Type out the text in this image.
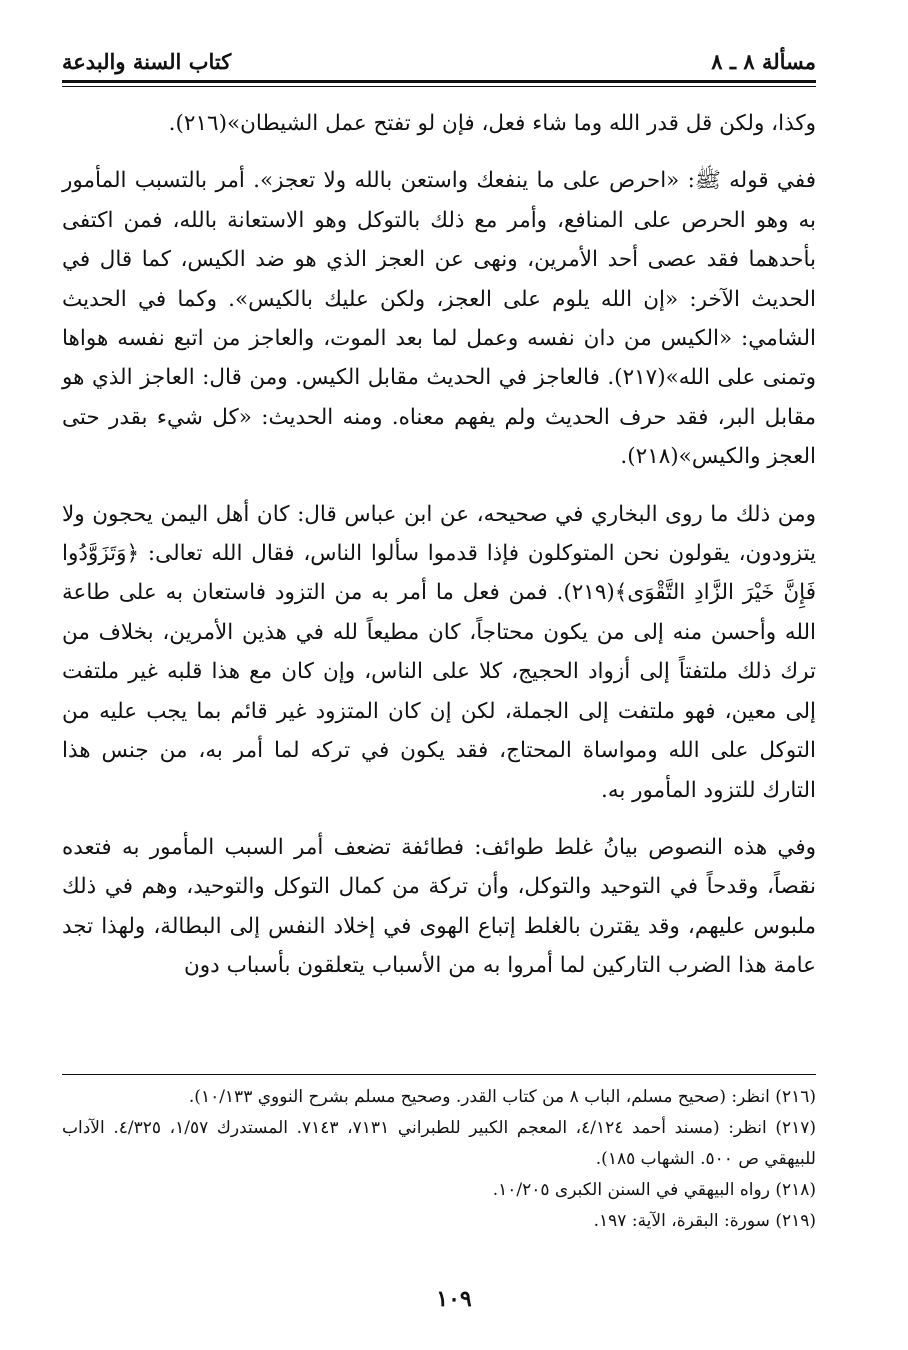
مسألة ٨ ـ ٨
كتاب السنة والبدعة

وكذا، ولكن قل قدر الله وما شاء فعل، فإن لو تفتح عمل الشيطان»(٢١٦).

ففي قوله ﷺ: «احرص على ما ينفعك واستعن بالله ولا تعجز». أمر بالتسبب المأمور به وهو الحرص على المنافع، وأمر مع ذلك بالتوكل وهو الاستعانة بالله، فمن اكتفى بأحدهما فقد عصى أحد الأمرين، ونهى عن العجز الذي هو ضد الكيس، كما قال في الحديث الآخر: «إن الله يلوم على العجز، ولكن عليك بالكيس». وكما في الحديث الشامي: «الكيس من دان نفسه وعمل لما بعد الموت، والعاجز من اتبع نفسه هواها وتمنى على الله»(٢١٧). فالعاجز في الحديث مقابل الكيس. ومن قال: العاجز الذي هو مقابل البر، فقد حرف الحديث ولم يفهم معناه. ومنه الحديث: «كل شيء بقدر حتى العجز والكيس»(٢١٨).

ومن ذلك ما روى البخاري في صحيحه، عن ابن عباس قال: كان أهل اليمن يحجون ولا يتزودون، يقولون نحن المتوكلون فإذا قدموا سألوا الناس، فقال الله تعالى: ﴿وَتَزَوَّدُوا فَإِنَّ خَيْرَ الزَّادِ التَّقْوَى﴾(٢١٩). فمن فعل ما أمر به من التزود فاستعان به على طاعة الله وأحسن منه إلى من يكون محتاجاً، كان مطيعاً لله في هذين الأمرين، بخلاف من ترك ذلك ملتفتاً إلى أزواد الحجيج، كلا على الناس، وإن كان مع هذا قلبه غير ملتفت إلى معين، فهو ملتفت إلى الجملة، لكن إن كان المتزود غير قائم بما يجب عليه من التوكل على الله ومواساة المحتاج، فقد يكون في تركه لما أمر به، من جنس هذا التارك للتزود المأمور به.

وفي هذه النصوص بيانُ غلط طوائف: فطائفة تضعف أمر السبب المأمور به فتعده نقصاً، وقدحاً في التوحيد والتوكل، وأن تركة من كمال التوكل والتوحيد، وهم في ذلك ملبوس عليهم، وقد يقترن بالغلط إتباع الهوى في إخلاد النفس إلى البطالة، ولهذا تجد عامة هذا الضرب التاركين لما أمروا به من الأسباب يتعلقون بأسباب دون

(٢١٦) انظر: (صحيح مسلم، الباب ٨ من كتاب القدر. وصحيح مسلم بشرح النووي ١٠/١٣٣).
(٢١٧) انظر: (مسند أحمد ٤/١٢٤، المعجم الكبير للطبراني ٧١٣١، ٧١٤٣. المستدرك ١/٥٧، ٤/٣٢٥. الآداب للبيهقي ص ٥٠٠. الشهاب ١٨٥).
(٢١٨) رواه البيهقي في السنن الكبرى ١٠/٢٠٥.
(٢١٩) سورة: البقرة، الآية: ١٩٧.
١٠٩
